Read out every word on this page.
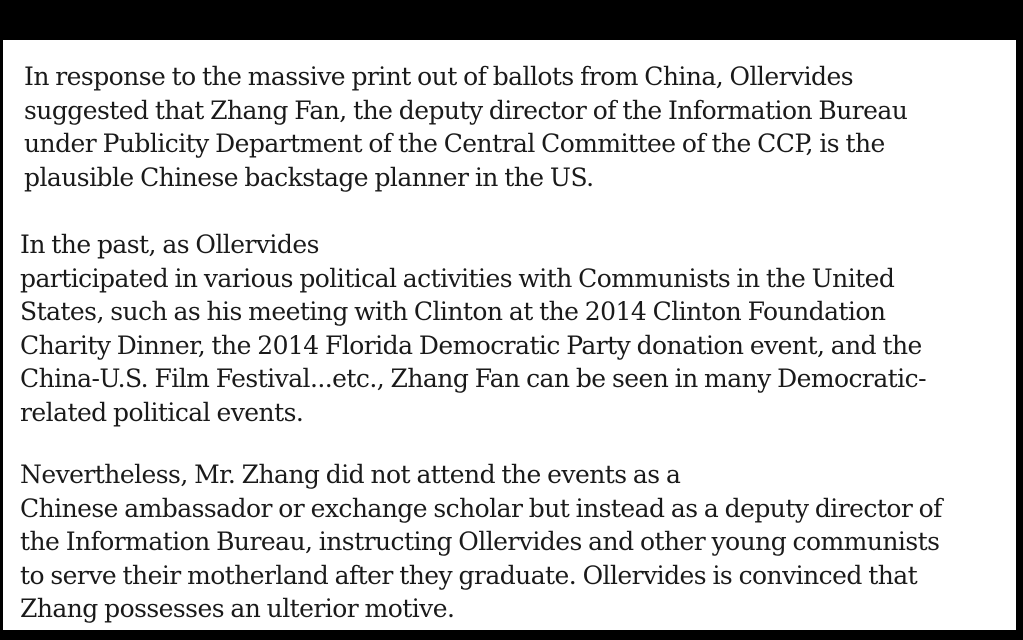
In response to the massive print out of ballots from China, Ollervides
suggested that Zhang Fan, the deputy director of the Information Bureau
under Publicity Department of the Central Committee of the CCP, is the
plausible Chinese backstage planner in the US.

In the past, as Ollervides
participated in various political activities with Communists in the United
States, such as his meeting with Clinton at the 2014 Clinton Foundation
Charity Dinner, the 2014 Florida Democratic Party donation event, and the
China-U.S. Film Festival...etc., Zhang Fan can be seen in many Democratic-
related political events.

Nevertheless, Mr. Zhang did not attend the events as a
Chinese ambassador or exchange scholar but instead as a deputy director of
the Information Bureau, instructing Ollervides and other young communists
to serve their motherland after they graduate. Ollervides is convinced that
Zhang possesses an ulterior motive.
